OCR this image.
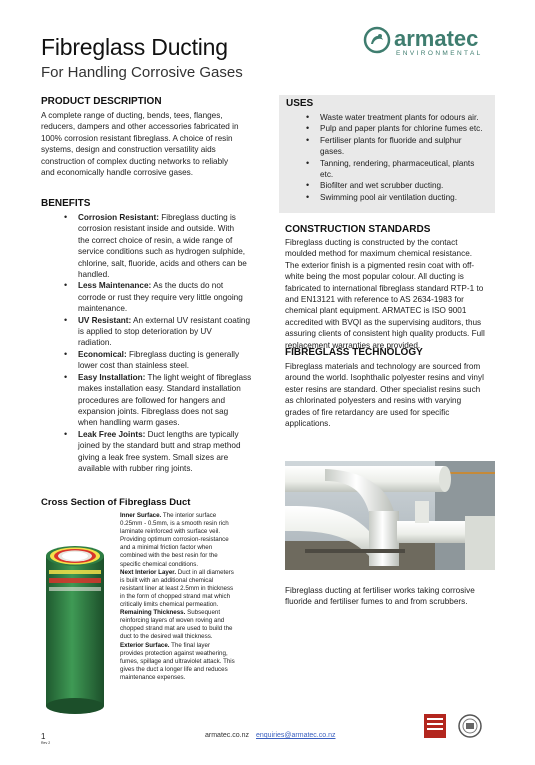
Fibreglass Ducting
For Handling Corrosive Gases
armatec
ENVIRONMENTAL
PRODUCT DESCRIPTION
A complete range of ducting, bends, tees, flanges,
reducers, dampers and other accessories fabricated in
100% corrosion resistant fibreglass. A choice of resin
systems, design and construction versatility aids
construction of complex ducting networks to reliably
and economically handle corrosive gases.
BENEFITS
• Corrosion Resistant: Fibreglass ducting is
corrosion resistant inside and outside. With
the correct choice of resin, a wide range of
service conditions such as hydrogen sulphide,
chlorine, salt, fluoride, acids and others can be
handled.
• Less Maintenance: As the ducts do not
corrode or rust they require very little ongoing
maintenance.
• UV Resistant: An external UV resistant coating
is applied to stop deterioration by UV
radiation.
• Economical: Fibreglass ducting is generally
lower cost than stainless steel.
• Easy Installation: The light weight of fibreglass
makes installation easy. Standard installation
procedures are followed for hangers and
expansion joints. Fibreglass does not sag
when handling warm gases.
• Leak Free Joints: Duct lengths are typically
joined by the standard butt and strap method
giving a leak free system. Small sizes are
available with rubber ring joints.
Cross Section of Fibreglass Duct
Inner Surface. The interior surface
0.25mm - 0.5mm, is a smooth resin rich
laminate reinforced with surface veil.
Providing optimum corrosion-resistance
and a minimal friction factor when
combined with the best resin for the
specific chemical conditions.
Next Interior Layer. Duct in all diameters
is built with an additional chemical
resistant liner at least 2.5mm in thickness
in the form of chopped strand mat which
critically limits chemical permeation.
Remaining Thickness. Subsequent
reinforcing layers of woven roving and
chopped strand mat are used to build the
duct to the desired wall thickness.
Exterior Surface. The final layer
provides protection against weathering,
fumes, spillage and ultraviolet attack. This
gives the duct a longer life and reduces
maintenance expenses.
USES
• Waste water treatment plants for odours air.
• Pulp and paper plants for chlorine fumes etc.
• Fertiliser plants for fluoride and sulphur
gases.
• Tanning, rendering, pharmaceutical, plants
etc.
• Biofilter and wet scrubber ducting.
• Swimming pool air ventilation ducting.
CONSTRUCTION STANDARDS
Fibreglass ducting is constructed by the contact
moulded method for maximum chemical resistance.
The exterior finish is a pigmented resin coat with off-
white being the most popular colour. All ducting is
fabricated to international fibreglass standard RTP-1 to
and EN13121 with reference to AS 2634-1983 for
chemical plant equipment. ARMATEC is ISO 9001
accredited with BVQI as the supervising auditors, thus
assuring clients of consistent high quality products. Full
replacement warranties are provided.
FIBREGLASS TECHNOLOGY
Fibreglass materials and technology are sourced from
around the world. Isophthalic polyester resins and vinyl
ester resins are standard. Other specialist resins such
as chlorinated polyesters and resins with varying
grades of fire retardancy are used for specific
applications.
Fibreglass ducting at fertiliser works taking corrosive
fluoride and fertiliser fumes to and from scrubbers.
1
Rev 2
armatec.co.nz enquiries@armatec.co.nz
